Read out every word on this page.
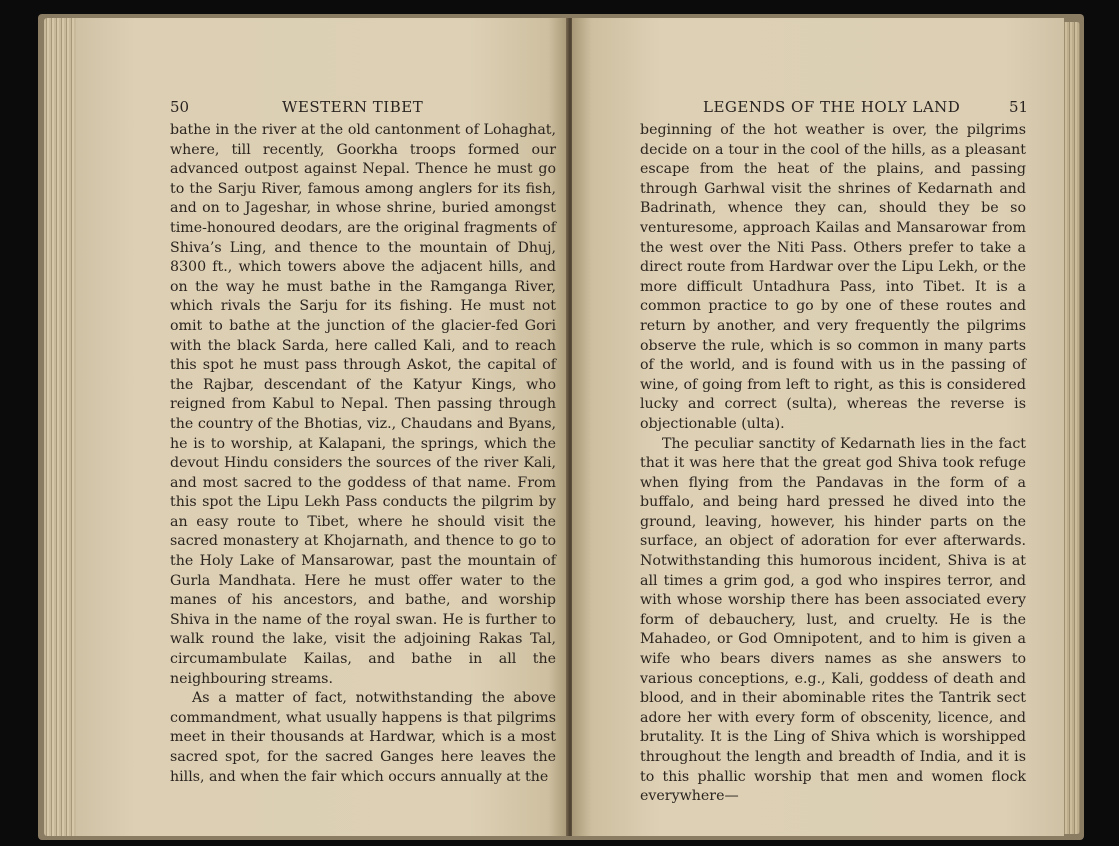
50	WESTERN TIBET

bathe in the river at the old cantonment of Lohaghat, where, till recently, Goorkha troops formed our advanced outpost against Nepal. Thence he must go to the Sarju River, famous among anglers for its fish, and on to Jageshar, in whose shrine, buried amongst time-honoured deodars, are the original fragments of Shiva’s Ling, and thence to the mountain of Dhuj, 8300 ft., which towers above the adjacent hills, and on the way he must bathe in the Ramganga River, which rivals the Sarju for its fishing. He must not omit to bathe at the junction of the glacier-fed Gori with the black Sarda, here called Kali, and to reach this spot he must pass through Askot, the capital of the Rajbar, descendant of the Katyur Kings, who reigned from Kabul to Nepal. Then passing through the country of the Bhotias, viz., Chaudans and Byans, he is to worship, at Kalapani, the springs, which the devout Hindu considers the sources of the river Kali, and most sacred to the goddess of that name. From this spot the Lipu Lekh Pass conducts the pilgrim by an easy route to Tibet, where he should visit the sacred monastery at Khojarnath, and thence to go to the Holy Lake of Mansarowar, past the mountain of Gurla Mandhata. Here he must offer water to the manes of his ancestors, and bathe, and worship Shiva in the name of the royal swan. He is further to walk round the lake, visit the adjoining Rakas Tal, circumambulate Kailas, and bathe in all the neighbouring streams.

As a matter of fact, notwithstanding the above commandment, what usually happens is that pilgrims meet in their thousands at Hardwar, which is a most sacred spot, for the sacred Ganges here leaves the hills, and when the fair which occurs annually at the

LEGENDS OF THE HOLY LAND	51

beginning of the hot weather is over, the pilgrims decide on a tour in the cool of the hills, as a pleasant escape from the heat of the plains, and passing through Garhwal visit the shrines of Kedarnath and Badrinath, whence they can, should they be so venturesome, approach Kailas and Mansarowar from the west over the Niti Pass. Others prefer to take a direct route from Hardwar over the Lipu Lekh, or the more difficult Untadhura Pass, into Tibet. It is a common practice to go by one of these routes and return by another, and very frequently the pilgrims observe the rule, which is so common in many parts of the world, and is found with us in the passing of wine, of going from left to right, as this is considered lucky and correct (sulta), whereas the reverse is objectionable (ulta).

The peculiar sanctity of Kedarnath lies in the fact that it was here that the great god Shiva took refuge when flying from the Pandavas in the form of a buffalo, and being hard pressed he dived into the ground, leaving, however, his hinder parts on the surface, an object of adoration for ever afterwards. Notwithstanding this humorous incident, Shiva is at all times a grim god, a god who inspires terror, and with whose worship there has been associated every form of debauchery, lust, and cruelty. He is the Mahadeo, or God Omnipotent, and to him is given a wife who bears divers names as she answers to various conceptions, e.g., Kali, goddess of death and blood, and in their abominable rites the Tantrik sect adore her with every form of obscenity, licence, and brutality. It is the Ling of Shiva which is worshipped throughout the length and breadth of India, and it is to this phallic worship that men and women flock everywhere—
